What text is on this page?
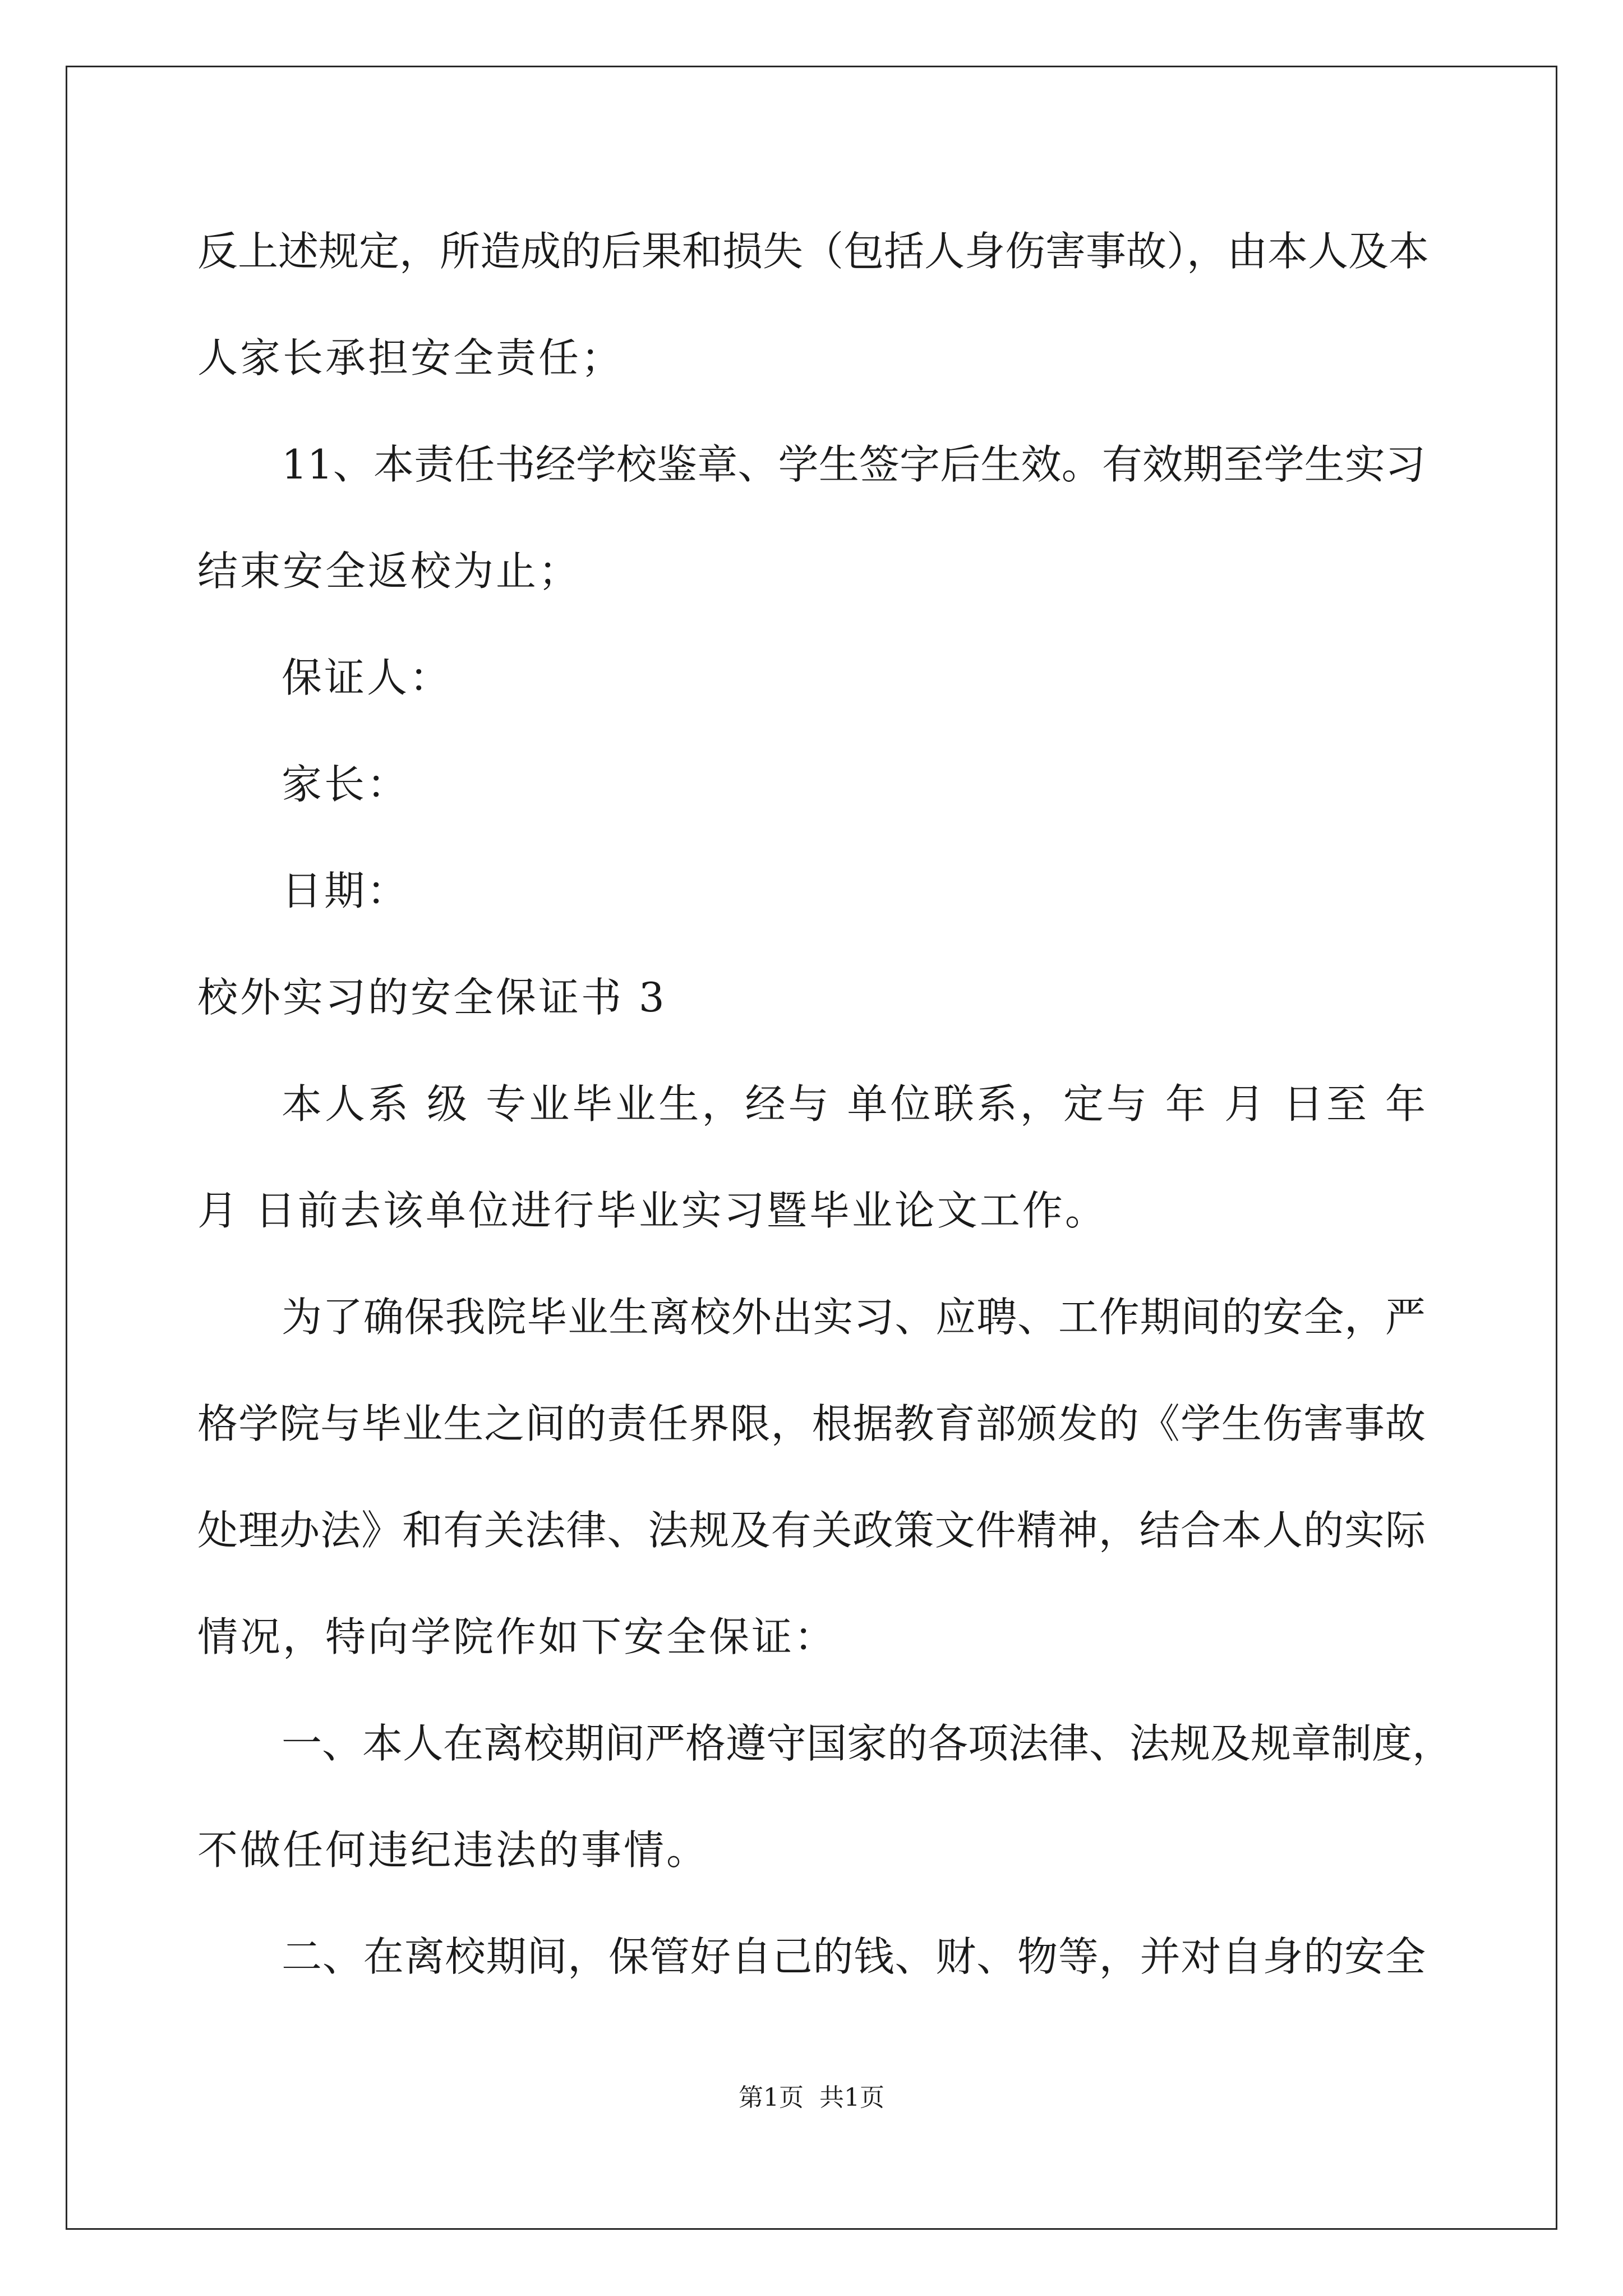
反上述规定，所造成的后果和损失（包括人身伤害事故），由本人及本

人家长承担安全责任；

11、本责任书经学校鉴章、学生签字后生效。有效期至学生实习

结束安全返校为止；

保证人：

家长：

日期：

校外实习的安全保证书 3

本人系 级 专业毕业生，经与 单位联系，定与 年 月 日至 年

月 日前去该单位进行毕业实习暨毕业论文工作。

为了确保我院毕业生离校外出实习、应聘、工作期间的安全，严

格学院与毕业生之间的责任界限，根据教育部颁发的《学生伤害事故

处理办法》和有关法律、法规及有关政策文件精神，结合本人的实际

情况，特向学院作如下安全保证：

一、本人在离校期间严格遵守国家的各项法律、法规及规章制度，

不做任何违纪违法的事情。

二、在离校期间，保管好自己的钱、财、物等，并对自身的安全

第1页  共1页
